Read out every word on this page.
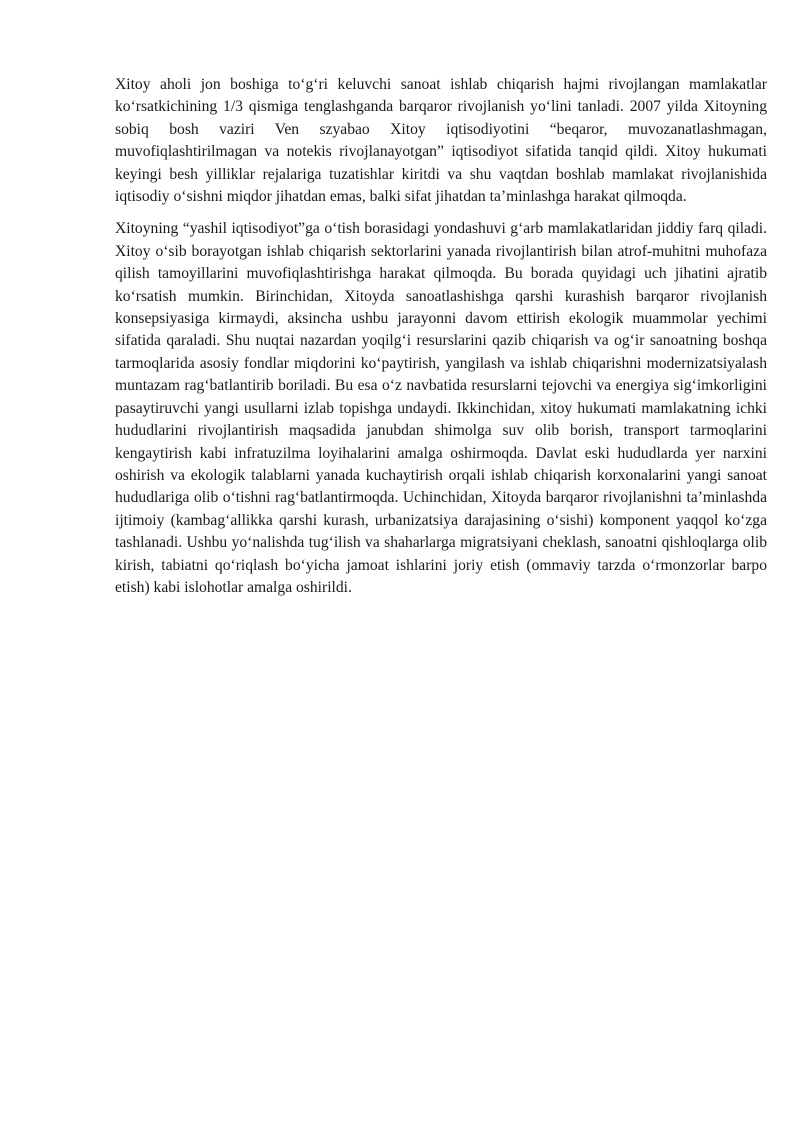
Xitoy aholi jon boshiga to‘g‘ri keluvchi sanoat ishlab chiqarish hajmi rivojlangan mamlakatlar ko‘rsatkichining 1/3 qismiga tenglashganda barqaror rivojlanish yo‘lini tanladi. 2007 yilda Xitoyning sobiq bosh vaziri Ven szyabao Xitoy iqtisodiyotini “beqaror, muvozanatlashmagan, muvofiqlashtirilmagan va notekis rivojlanayotgan” iqtisodiyot sifatida tanqid qildi. Xitoy hukumati keyingi besh yilliklar rejalariga tuzatishlar kiritdi va shu vaqtdan boshlab mamlakat rivojlanishida iqtisodiy o‘sishni miqdor jihatdan emas, balki sifat jihatdan ta’minlashga harakat qilmoqda.

Xitoyning “yashil iqtisodiyot”ga o‘tish borasidagi yondashuvi g‘arb mamlakatlaridan jiddiy farq qiladi. Xitoy o‘sib borayotgan ishlab chiqarish sektorlarini yanada rivojlantirish bilan atrof-muhitni muhofaza qilish tamoyillarini muvofiqlashtirishga harakat qilmoqda. Bu borada quyidagi uch jihatini ajratib ko‘rsatish mumkin. Birinchidan, Xitoyda sanoatlashishga qarshi kurashish barqaror rivojlanish konsepsiyasiga kirmaydi, aksincha ushbu jarayonni davom ettirish ekologik muammolar yechimi sifatida qaraladi. Shu nuqtai nazardan yoqilg‘i resurslarini qazib chiqarish va og‘ir sanoatning boshqa tarmoqlarida asosiy fondlar miqdorini ko‘paytirish, yangilash va ishlab chiqarishni modernizatsiyalash muntazam rag‘batlantirib boriladi. Bu esa o‘z navbatida resurslarni tejovchi va energiya sig‘imkorligini pasaytiruvchi yangi usullarni izlab topishga undaydi. Ikkinchidan, xitoy hukumati mamlakatning ichki hududlarini rivojlantirish maqsadida janubdan shimolga suv olib borish, transport tarmoqlarini kengaytirish kabi infratuzilma loyihalarini amalga oshirmoqda. Davlat eski hududlarda yer narxini oshirish va ekologik talablarni yanada kuchaytirish orqali ishlab chiqarish korxonalarini yangi sanoat hududlariga olib o‘tishni rag‘batlantirmoqda. Uchinchidan, Xitoyda barqaror rivojlanishni ta’minlashda ijtimoiy (kambag‘allikka qarshi kurash, urbanizatsiya darajasining o‘sishi) komponent yaqqol ko‘zga tashlanadi. Ushbu yo‘nalishda tug‘ilish va shaharlarga migratsiyani cheklash, sanoatni qishloqlarga olib kirish, tabiatni qo‘riqlash bo‘yicha jamoat ishlarini joriy etish (ommaviy tarzda o‘rmonzorlar barpo etish) kabi islohotlar amalga oshirildi.
